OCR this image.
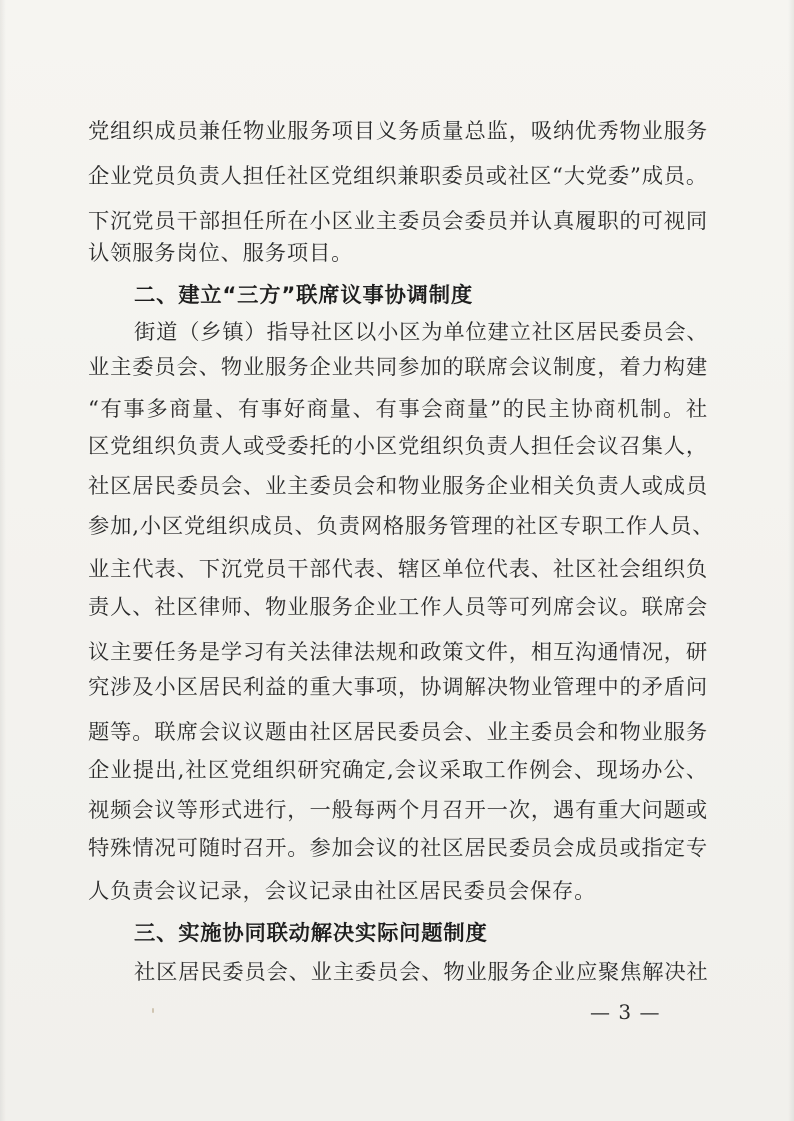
党组织成员兼任物业服务项目义务质量总监，吸纳优秀物业服务

企业党员负责人担任社区党组织兼职委员或社区“大党委”成员。

下沉党员干部担任所在小区业主委员会委员并认真履职的可视同

认领服务岗位、服务项目。

二、建立“三方”联席议事协调制度

街道（乡镇）指导社区以小区为单位建立社区居民委员会、

业主委员会、物业服务企业共同参加的联席会议制度，着力构建

“有事多商量、有事好商量、有事会商量”的民主协商机制。社

区党组织负责人或受委托的小区党组织负责人担任会议召集人，

社区居民委员会、业主委员会和物业服务企业相关负责人或成员

参加,小区党组织成员、负责网格服务管理的社区专职工作人员、

业主代表、下沉党员干部代表、辖区单位代表、社区社会组织负

责人、社区律师、物业服务企业工作人员等可列席会议。联席会

议主要任务是学习有关法律法规和政策文件，相互沟通情况，研

究涉及小区居民利益的重大事项，协调解决物业管理中的矛盾问

题等。联席会议议题由社区居民委员会、业主委员会和物业服务

企业提出,社区党组织研究确定,会议采取工作例会、现场办公、

视频会议等形式进行，一般每两个月召开一次，遇有重大问题或

特殊情况可随时召开。参加会议的社区居民委员会成员或指定专

人负责会议记录，会议记录由社区居民委员会保存。

三、实施协同联动解决实际问题制度

社区居民委员会、业主委员会、物业服务企业应聚焦解决社

— 3 —
